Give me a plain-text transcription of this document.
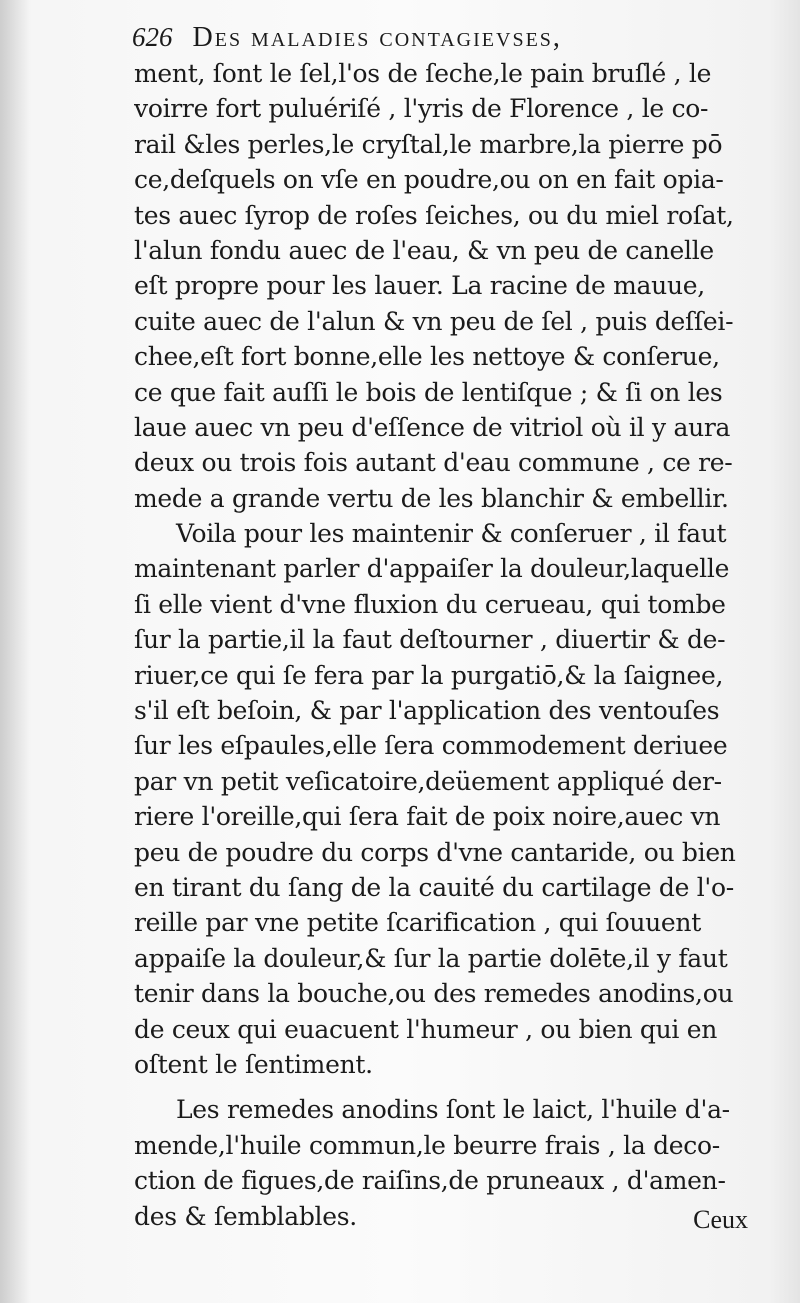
626 Des maladies contagievses,
ment, ſont le ſel,l'os de ſeche,le pain bruſlé , le
voirre fort puluériſé , l'yris de Florence , le co-
rail &les perles,le cryſtal,le marbre,la pierre pō
ce,deſquels on vſe en poudre,ou on en fait opia-
tes auec ſyrop de roſes ſeiches, ou du miel roſat,
l'alun fondu auec de l'eau, & vn peu de canelle
eſt propre pour les lauer. La racine de mauue,
cuite auec de l'alun & vn peu de ſel , puis deſſei-
chee,eſt fort bonne,elle les nettoye & conſerue,
ce que fait auſſi le bois de lentiſque ; & ſi on les
laue auec vn peu d'eſſence de vitriol où il y aura
deux ou trois fois autant d'eau commune , ce re-
mede a grande vertu de les blanchir & embellir.
Voila pour les maintenir & conſeruer , il faut
maintenant parler d'appaiſer la douleur,laquelle
ſi elle vient d'vne fluxion du cerueau, qui tombe
ſur la partie,il la faut deſtourner , diuertir & de-
riuer,ce qui ſe fera par la purgatiō,& la ſaignee,
s'il eſt beſoin, & par l'application des ventouſes
ſur les eſpaules,elle ſera commodement deriuee
par vn petit veſicatoire,deüement appliqué der-
riere l'oreille,qui ſera fait de poix noire,auec vn
peu de poudre du corps d'vne cantaride, ou bien
en tirant du ſang de la cauité du cartilage de l'o-
reille par vne petite ſcarification , qui ſouuent
appaiſe la douleur,& ſur la partie dolēte,il y faut
tenir dans la bouche,ou des remedes anodins,ou
de ceux qui euacuent l'humeur , ou bien qui en
oſtent le ſentiment.
Les remedes anodins ſont le laict, l'huile d'a-
mende,l'huile commun,le beurre frais , la deco-
ction de figues,de raiſins,de pruneaux , d'amen-
des & ſemblables.	Ceux
